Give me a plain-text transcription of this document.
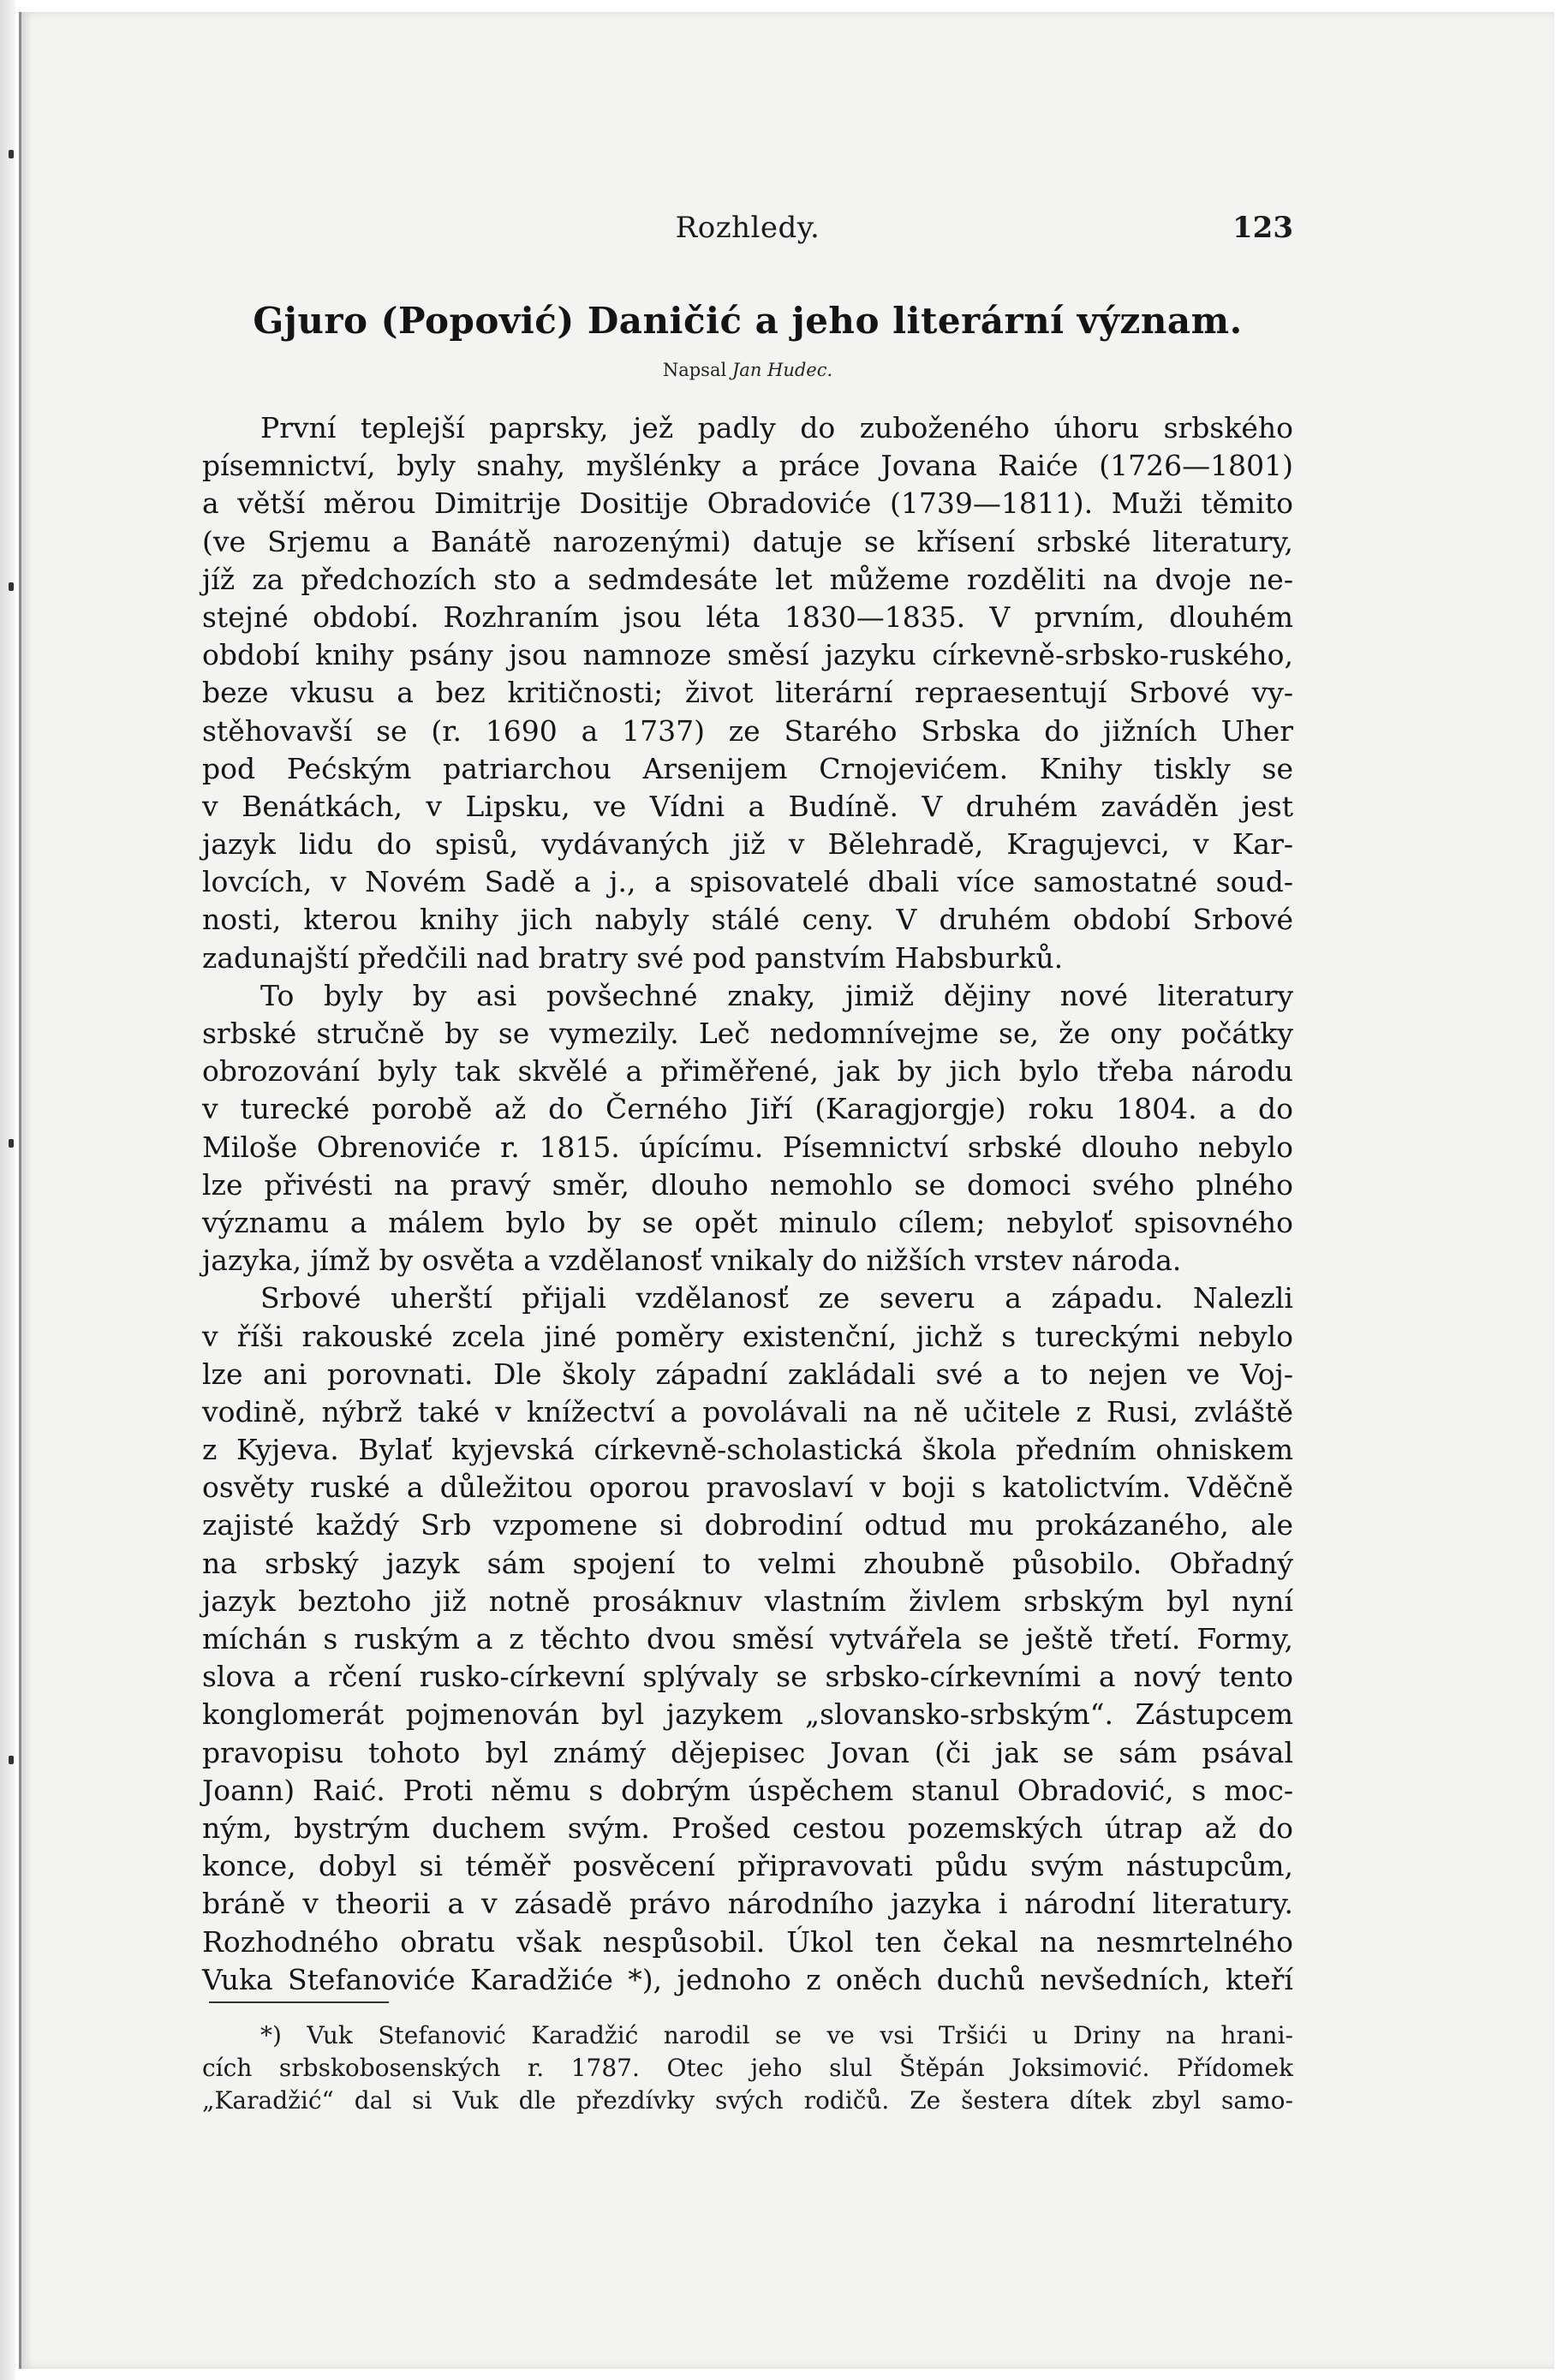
Rozhledy.	123
Gjuro (Popović) Daničić a jeho literární význam.
Napsal Jan Hudec.
První teplejší paprsky, jež padly do zuboženého úhoru srbského
písemnictví, byly snahy, myšlénky a práce Jovana Raiće (1726—1801)
a větší měrou Dimitrije Dositije Obradoviće (1739—1811). Muži těmito
(ve Srjemu a Banátě narozenými) datuje se křísení srbské literatury,
jíž za předchozích sto a sedmdesáte let můžeme rozděliti na dvoje ne-
stejné období. Rozhraním jsou léta 1830—1835. V prvním, dlouhém
období knihy psány jsou namnoze směsí jazyku církevně-srbsko-ruského,
beze vkusu a bez kritičnosti; život literární repraesentují Srbové vy-
stěhovavší se (r. 1690 a 1737) ze Starého Srbska do jižních Uher
pod Pećským patriarchou Arsenijem Crnojevićem. Knihy tiskly se
v Benátkách, v Lipsku, ve Vídni a Budíně. V druhém zaváděn jest
jazyk lidu do spisů, vydávaných již v Bělehradě, Kragujevci, v Kar-
lovcích, v Novém Sadě a j., a spisovatelé dbali více samostatné soud-
nosti, kterou knihy jich nabyly stálé ceny. V druhém období Srbové
zadunajští předčili nad bratry své pod panstvím Habsburků.
To byly by asi povšechné znaky, jimiž dějiny nové literatury
srbské stručně by se vymezily. Leč nedomnívejme se, že ony počátky
obrozování byly tak skvělé a přiměřené, jak by jich bylo třeba národu
v turecké porobě až do Černého Jiří (Karagjorgje) roku 1804. a do
Miloše Obrenoviće r. 1815. úpícímu. Písemnictví srbské dlouho nebylo
lze přivésti na pravý směr, dlouho nemohlo se domoci svého plného
významu a málem bylo by se opět minulo cílem; nebyloť spisovného
jazyka, jímž by osvěta a vzdělanosť vnikaly do nižších vrstev národa.
Srbové uherští přijali vzdělanosť ze severu a západu. Nalezli
v říši rakouské zcela jiné poměry existenční, jichž s tureckými nebylo
lze ani porovnati. Dle školy západní zakládali své a to nejen ve Voj-
vodině, nýbrž také v knížectví a povolávali na ně učitele z Rusi, zvláště
z Kyjeva. Bylať kyjevská církevně-scholastická škola předním ohniskem
osvěty ruské a důležitou oporou pravoslaví v boji s katolictvím. Vděčně
zajisté každý Srb vzpomene si dobrodiní odtud mu prokázaného, ale
na srbský jazyk sám spojení to velmi zhoubně působilo. Obřadný
jazyk beztoho již notně prosáknuv vlastním živlem srbským byl nyní
míchán s ruským a z těchto dvou směsí vytvářela se ještě třetí. Formy,
slova a rčení rusko-církevní splývaly se srbsko-církevními a nový tento
konglomerát pojmenován byl jazykem „slovansko-srbským“. Zástupcem
pravopisu tohoto byl známý dějepisec Jovan (či jak se sám psával
Joann) Raić. Proti němu s dobrým úspěchem stanul Obradović, s moc-
ným, bystrým duchem svým. Prošed cestou pozemských útrap až do
konce, dobyl si téměř posvěcení připravovati půdu svým nástupcům,
bráně v theorii a v zásadě právo národního jazyka i národní literatury.
Rozhodného obratu však nespůsobil. Úkol ten čekal na nesmrtelného
Vuka Stefanoviće Karadžiće *), jednoho z oněch duchů nevšedních, kteří
*) Vuk Stefanović Karadžić narodil se ve vsi Tršići u Driny na hrani-
cích srbskobosenských r. 1787. Otec jeho slul Štěpán Joksimović. Přídomek
„Karadžić“ dal si Vuk dle přezdívky svých rodičů. Ze šestera dítek zbyl samo-
